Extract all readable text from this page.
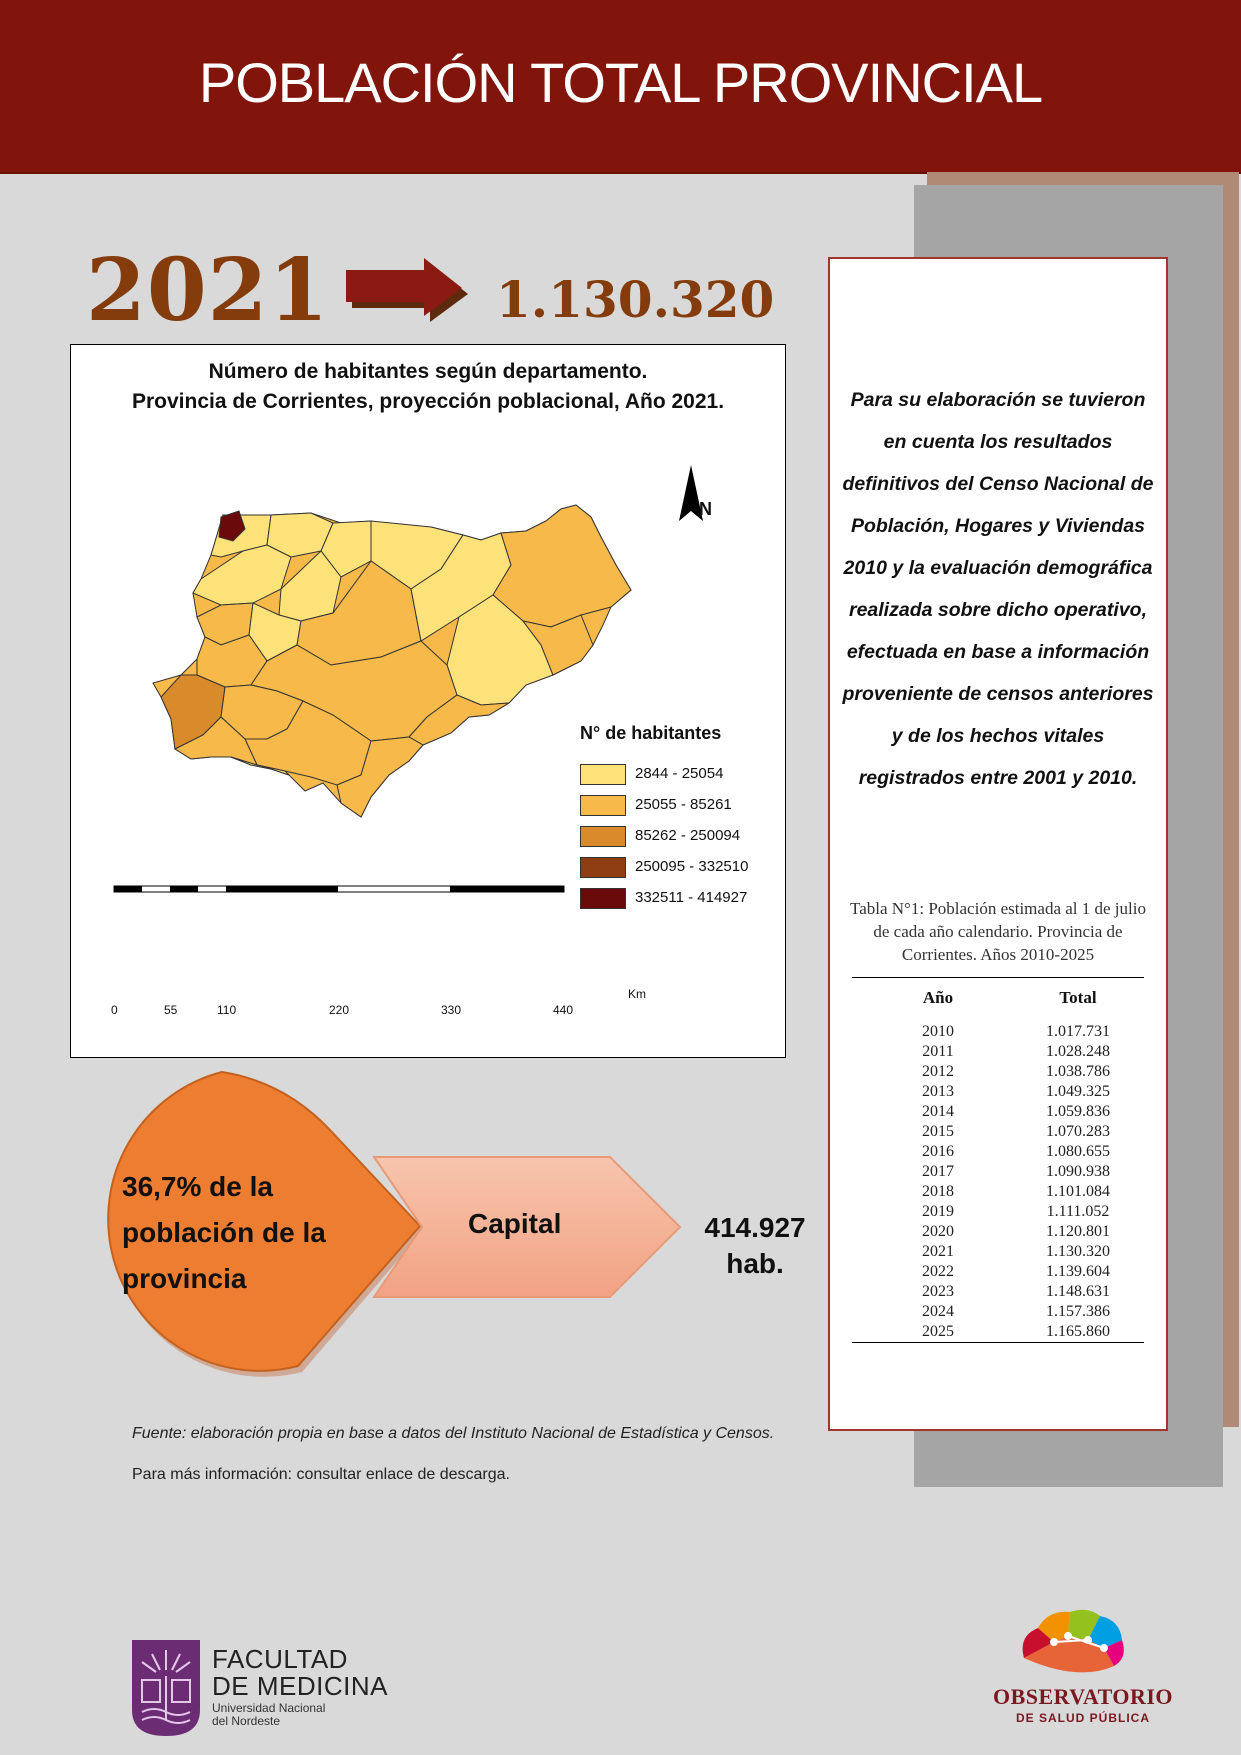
POBLACIÓN TOTAL PROVINCIAL
2021	1.130.320
Número de habitantes según departamento.
Provincia de Corrientes, proyección poblacional, Año 2021.
N
N° de habitantes
2844 - 25054
25055 - 85261
85262 - 250094
250095 - 332510
332511 - 414927
Km
0	55	110	220	330	440
36,7% de la población de la provincia
Capital	414.927
hab.
Para su elaboración se tuvieron en cuenta los resultados definitivos del Censo Nacional de Población, Hogares y Viviendas 2010 y la evaluación demográfica realizada sobre dicho operativo, efectuada en base a información proveniente de censos anteriores y de los hechos vitales registrados entre 2001 y 2010.
Tabla N°1: Población estimada al 1 de julio de cada año calendario. Provincia de Corrientes. Años 2010-2025
Año	Total
2010	1.017.731
2011	1.028.248
2012	1.038.786
2013	1.049.325
2014	1.059.836
2015	1.070.283
2016	1.080.655
2017	1.090.938
2018	1.101.084
2019	1.111.052
2020	1.120.801
2021	1.130.320
2022	1.139.604
2023	1.148.631
2024	1.157.386
2025	1.165.860
Fuente: elaboración propia en base a datos del Instituto Nacional de Estadística y Censos.
Para más información: consultar enlace de descarga.
FACULTAD
DE MEDICINA
Universidad Nacional
del Nordeste
OBSERVATORIO
DE SALUD PÚBLICA
